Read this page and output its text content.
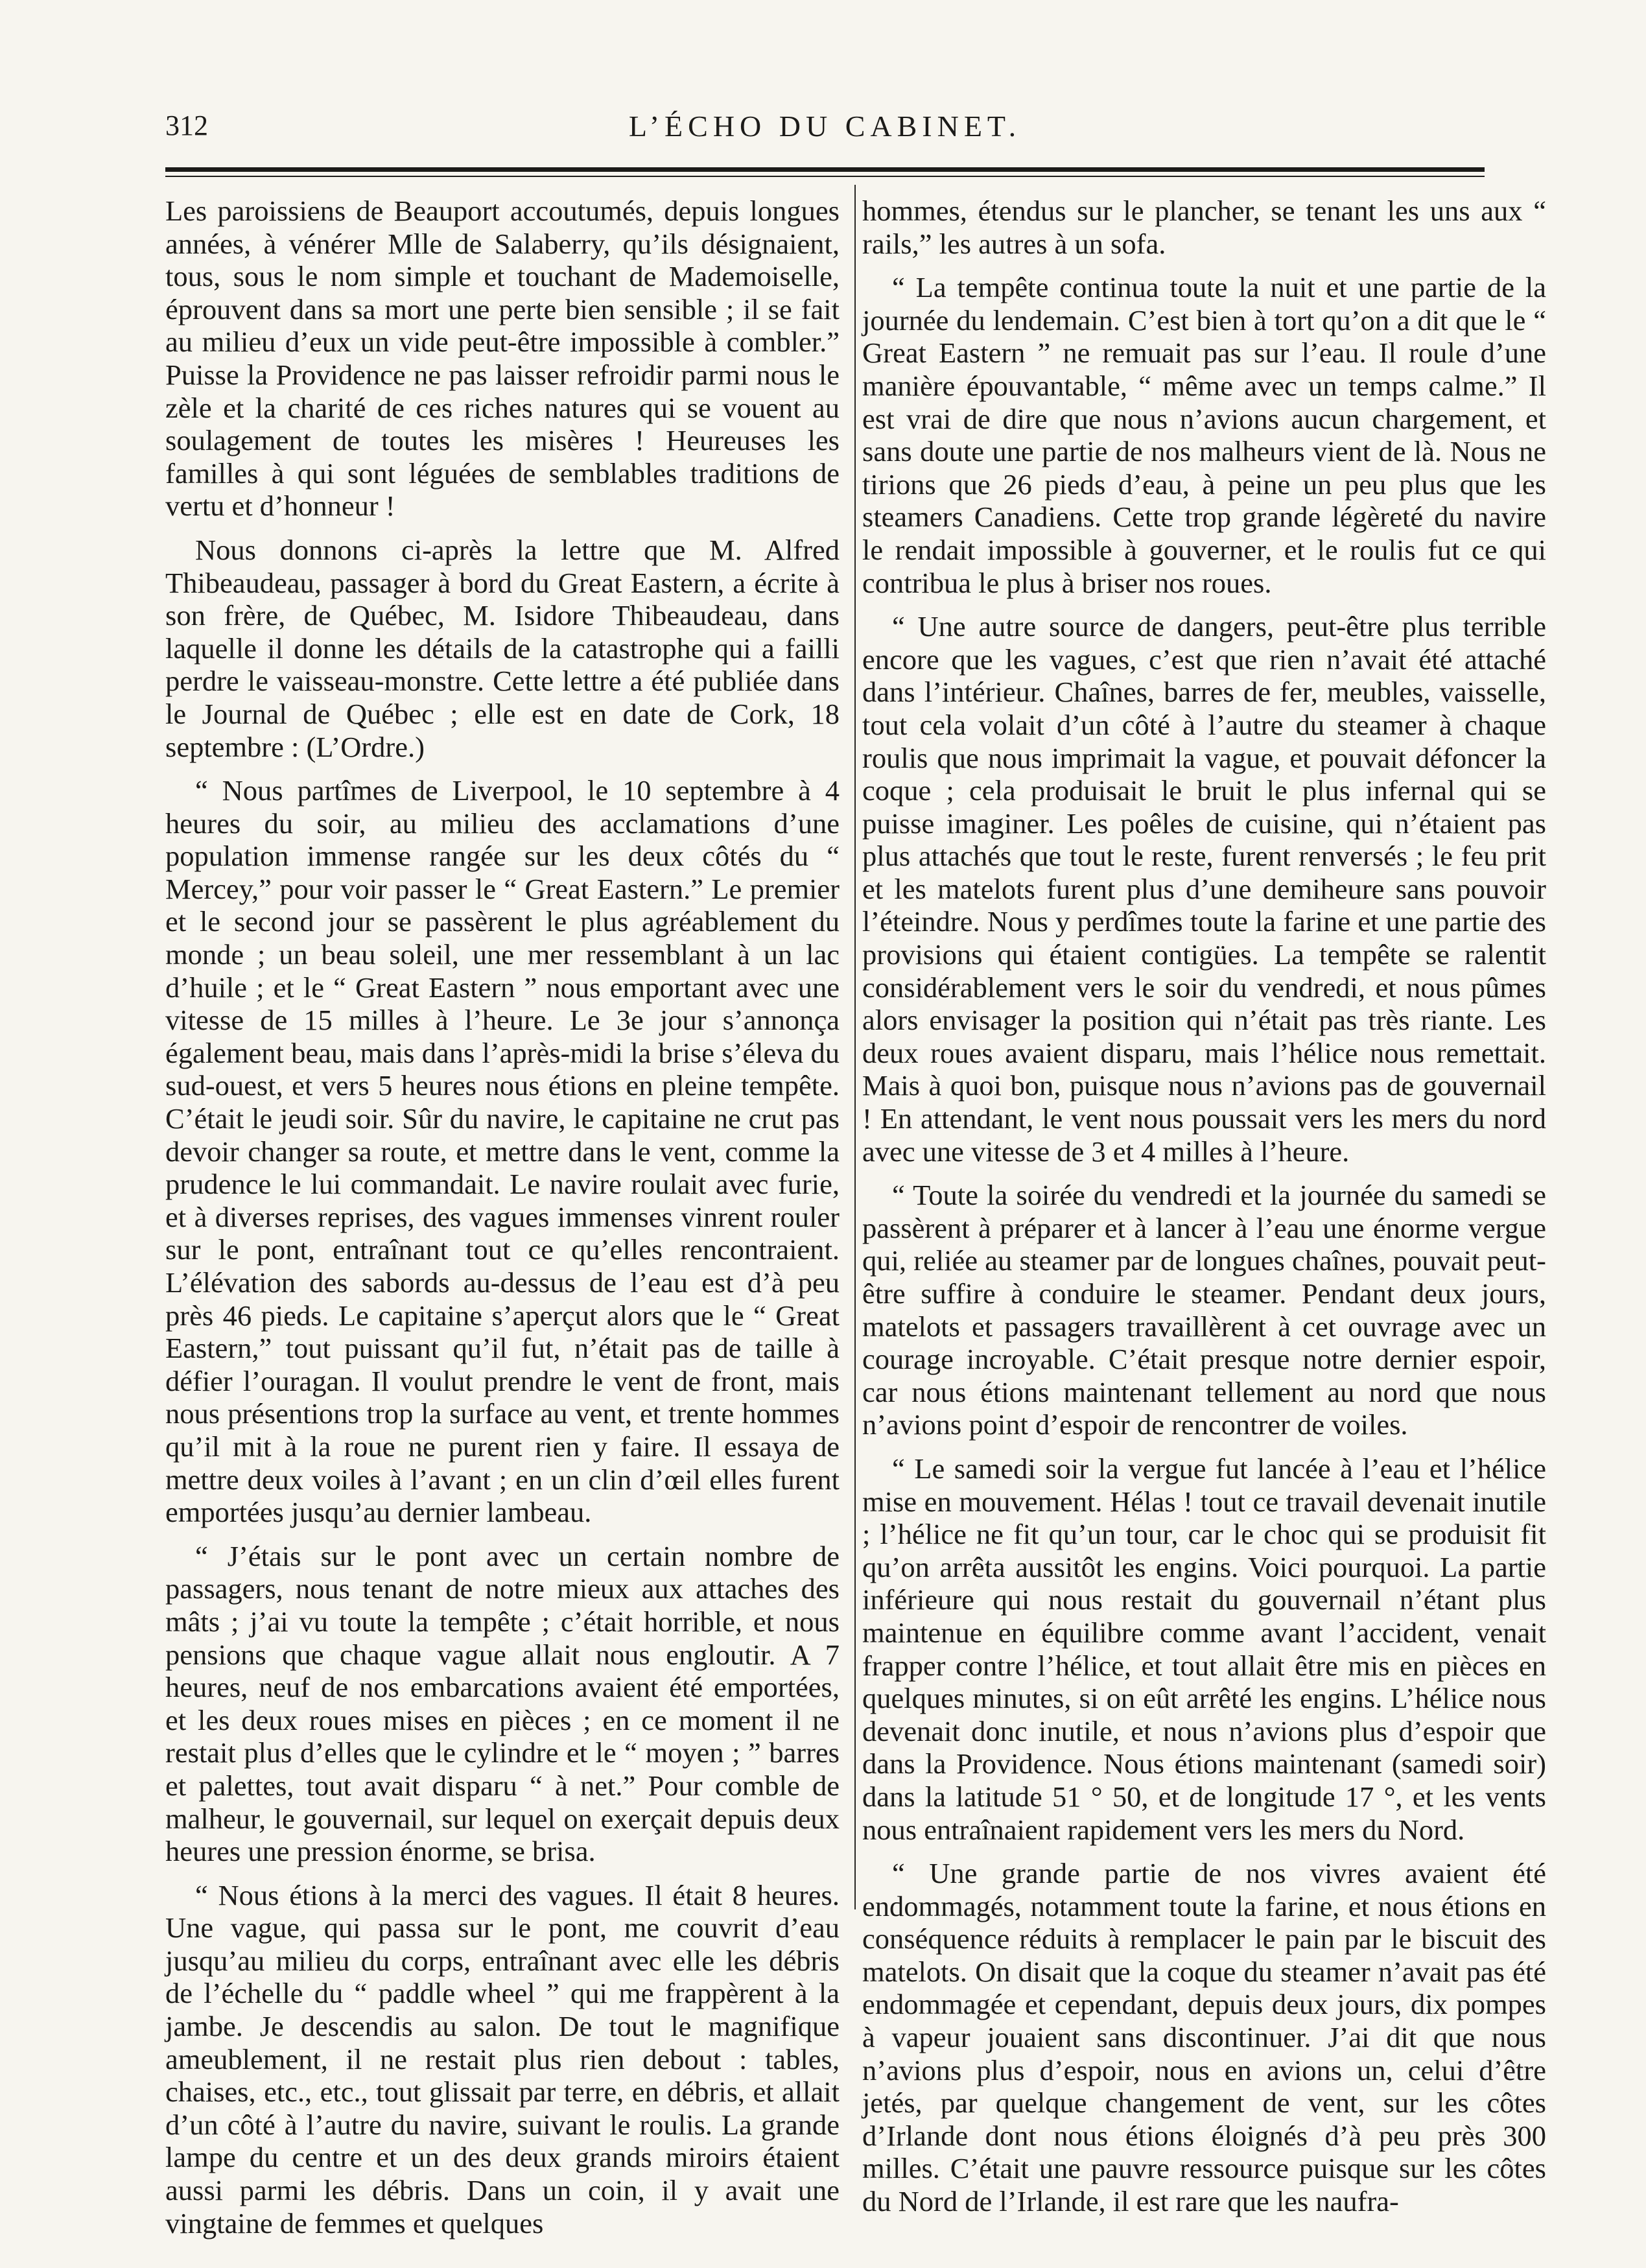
312	L’ÉCHO DU CABINET.

Les paroissiens de Beauport accoutumés, depuis longues années, à vénérer Mlle de Salaberry, qu’ils désignaient, tous, sous le nom simple et touchant de Mademoiselle, éprouvent dans sa mort une perte bien sensible ; il se fait au milieu d’eux un vide peut-être impossible à combler.” Puisse la Providence ne pas laisser refroidir parmi nous le zèle et la charité de ces riches natures qui se vouent au soulagement de toutes les misères ! Heureuses les familles à qui sont léguées de semblables traditions de vertu et d’honneur !

Nous donnons ci-après la lettre que M. Alfred Thibeaudeau, passager à bord du Great Eastern, a écrite à son frère, de Québec, M. Isidore Thibeaudeau, dans laquelle il donne les détails de la catastrophe qui a failli perdre le vaisseau-monstre. Cette lettre a été publiée dans le Journal de Québec ; elle est en date de Cork, 18 septembre : (L’Ordre.)

“ Nous partîmes de Liverpool, le 10 septembre à 4 heures du soir, au milieu des acclamations d’une population immense rangée sur les deux côtés du “ Mercey,” pour voir passer le “ Great Eastern.” Le premier et le second jour se passèrent le plus agréablement du monde ; un beau soleil, une mer ressemblant à un lac d’huile ; et le “ Great Eastern ” nous emportant avec une vitesse de 15 milles à l’heure. Le 3e jour s’annonça également beau, mais dans l’après-midi la brise s’éleva du sud-ouest, et vers 5 heures nous étions en pleine tempête. C’était le jeudi soir. Sûr du navire, le capitaine ne crut pas devoir changer sa route, et mettre dans le vent, comme la prudence le lui commandait. Le navire roulait avec furie, et à diverses reprises, des vagues immenses vinrent rouler sur le pont, entraînant tout ce qu’elles rencontraient. L’élévation des sabords au-dessus de l’eau est d’à peu près 46 pieds. Le capitaine s’aperçut alors que le “ Great Eastern,” tout puissant qu’il fut, n’était pas de taille à défier l’ouragan. Il voulut prendre le vent de front, mais nous présentions trop la surface au vent, et trente hommes qu’il mit à la roue ne purent rien y faire. Il essaya de mettre deux voiles à l’avant ; en un clin d’œil elles furent emportées jusqu’au dernier lambeau.

“ J’étais sur le pont avec un certain nombre de passagers, nous tenant de notre mieux aux attaches des mâts ; j’ai vu toute la tempête ; c’était horrible, et nous pensions que chaque vague allait nous engloutir. A 7 heures, neuf de nos embarcations avaient été emportées, et les deux roues mises en pièces ; en ce moment il ne restait plus d’elles que le cylindre et le “ moyen ; ” barres et palettes, tout avait disparu “ à net.” Pour comble de malheur, le gouvernail, sur lequel on exerçait depuis deux heures une pression énorme, se brisa.

“ Nous étions à la merci des vagues. Il était 8 heures. Une vague, qui passa sur le pont, me couvrit d’eau jusqu’au milieu du corps, entraînant avec elle les débris de l’échelle du “ paddle wheel ” qui me frappèrent à la jambe. Je descendis au salon. De tout le magnifique ameublement, il ne restait plus rien debout : tables, chaises, etc., etc., tout glissait par terre, en débris, et allait d’un côté à l’autre du navire, suivant le roulis. La grande lampe du centre et un des deux grands miroirs étaient aussi parmi les débris. Dans un coin, il y avait une vingtaine de femmes et quelques

hommes, étendus sur le plancher, se tenant les uns aux “ rails,” les autres à un sofa.

“ La tempête continua toute la nuit et une partie de la journée du lendemain. C’est bien à tort qu’on a dit que le “ Great Eastern ” ne remuait pas sur l’eau. Il roule d’une manière épouvantable, “ même avec un temps calme.” Il est vrai de dire que nous n’avions aucun chargement, et sans doute une partie de nos malheurs vient de là. Nous ne tirions que 26 pieds d’eau, à peine un peu plus que les steamers Canadiens. Cette trop grande légèreté du navire le rendait impossible à gouverner, et le roulis fut ce qui contribua le plus à briser nos roues.

“ Une autre source de dangers, peut-être plus terrible encore que les vagues, c’est que rien n’avait été attaché dans l’intérieur. Chaînes, barres de fer, meubles, vaisselle, tout cela volait d’un côté à l’autre du steamer à chaque roulis que nous imprimait la vague, et pouvait défoncer la coque ; cela produisait le bruit le plus infernal qui se puisse imaginer. Les poêles de cuisine, qui n’étaient pas plus attachés que tout le reste, furent renversés ; le feu prit et les matelots furent plus d’une demiheure sans pouvoir l’éteindre. Nous y perdîmes toute la farine et une partie des provisions qui étaient contigües. La tempête se ralentit considérablement vers le soir du vendredi, et nous pûmes alors envisager la position qui n’était pas très riante. Les deux roues avaient disparu, mais l’hélice nous remettait. Mais à quoi bon, puisque nous n’avions pas de gouvernail ! En attendant, le vent nous poussait vers les mers du nord avec une vitesse de 3 et 4 milles à l’heure.

“ Toute la soirée du vendredi et la journée du samedi se passèrent à préparer et à lancer à l’eau une énorme vergue qui, reliée au steamer par de longues chaînes, pouvait peut-être suffire à conduire le steamer. Pendant deux jours, matelots et passagers travaillèrent à cet ouvrage avec un courage incroyable. C’était presque notre dernier espoir, car nous étions maintenant tellement au nord que nous n’avions point d’espoir de rencontrer de voiles.

“ Le samedi soir la vergue fut lancée à l’eau et l’hélice mise en mouvement. Hélas ! tout ce travail devenait inutile ; l’hélice ne fit qu’un tour, car le choc qui se produisit fit qu’on arrêta aussitôt les engins. Voici pourquoi. La partie inférieure qui nous restait du gouvernail n’étant plus maintenue en équilibre comme avant l’accident, venait frapper contre l’hélice, et tout allait être mis en pièces en quelques minutes, si on eût arrêté les engins. L’hélice nous devenait donc inutile, et nous n’avions plus d’espoir que dans la Providence. Nous étions maintenant (samedi soir) dans la latitude 51 ° 50, et de longitude 17 °, et les vents nous entraînaient rapidement vers les mers du Nord.

“ Une grande partie de nos vivres avaient été endommagés, notamment toute la farine, et nous étions en conséquence réduits à remplacer le pain par le biscuit des matelots. On disait que la coque du steamer n’avait pas été endommagée et cependant, depuis deux jours, dix pompes à vapeur jouaient sans discontinuer. J’ai dit que nous n’avions plus d’espoir, nous en avions un, celui d’être jetés, par quelque changement de vent, sur les côtes d’Irlande dont nous étions éloignés d’à peu près 300 milles. C’était une pauvre ressource puisque sur les côtes du Nord de l’Irlande, il est rare que les naufra-
